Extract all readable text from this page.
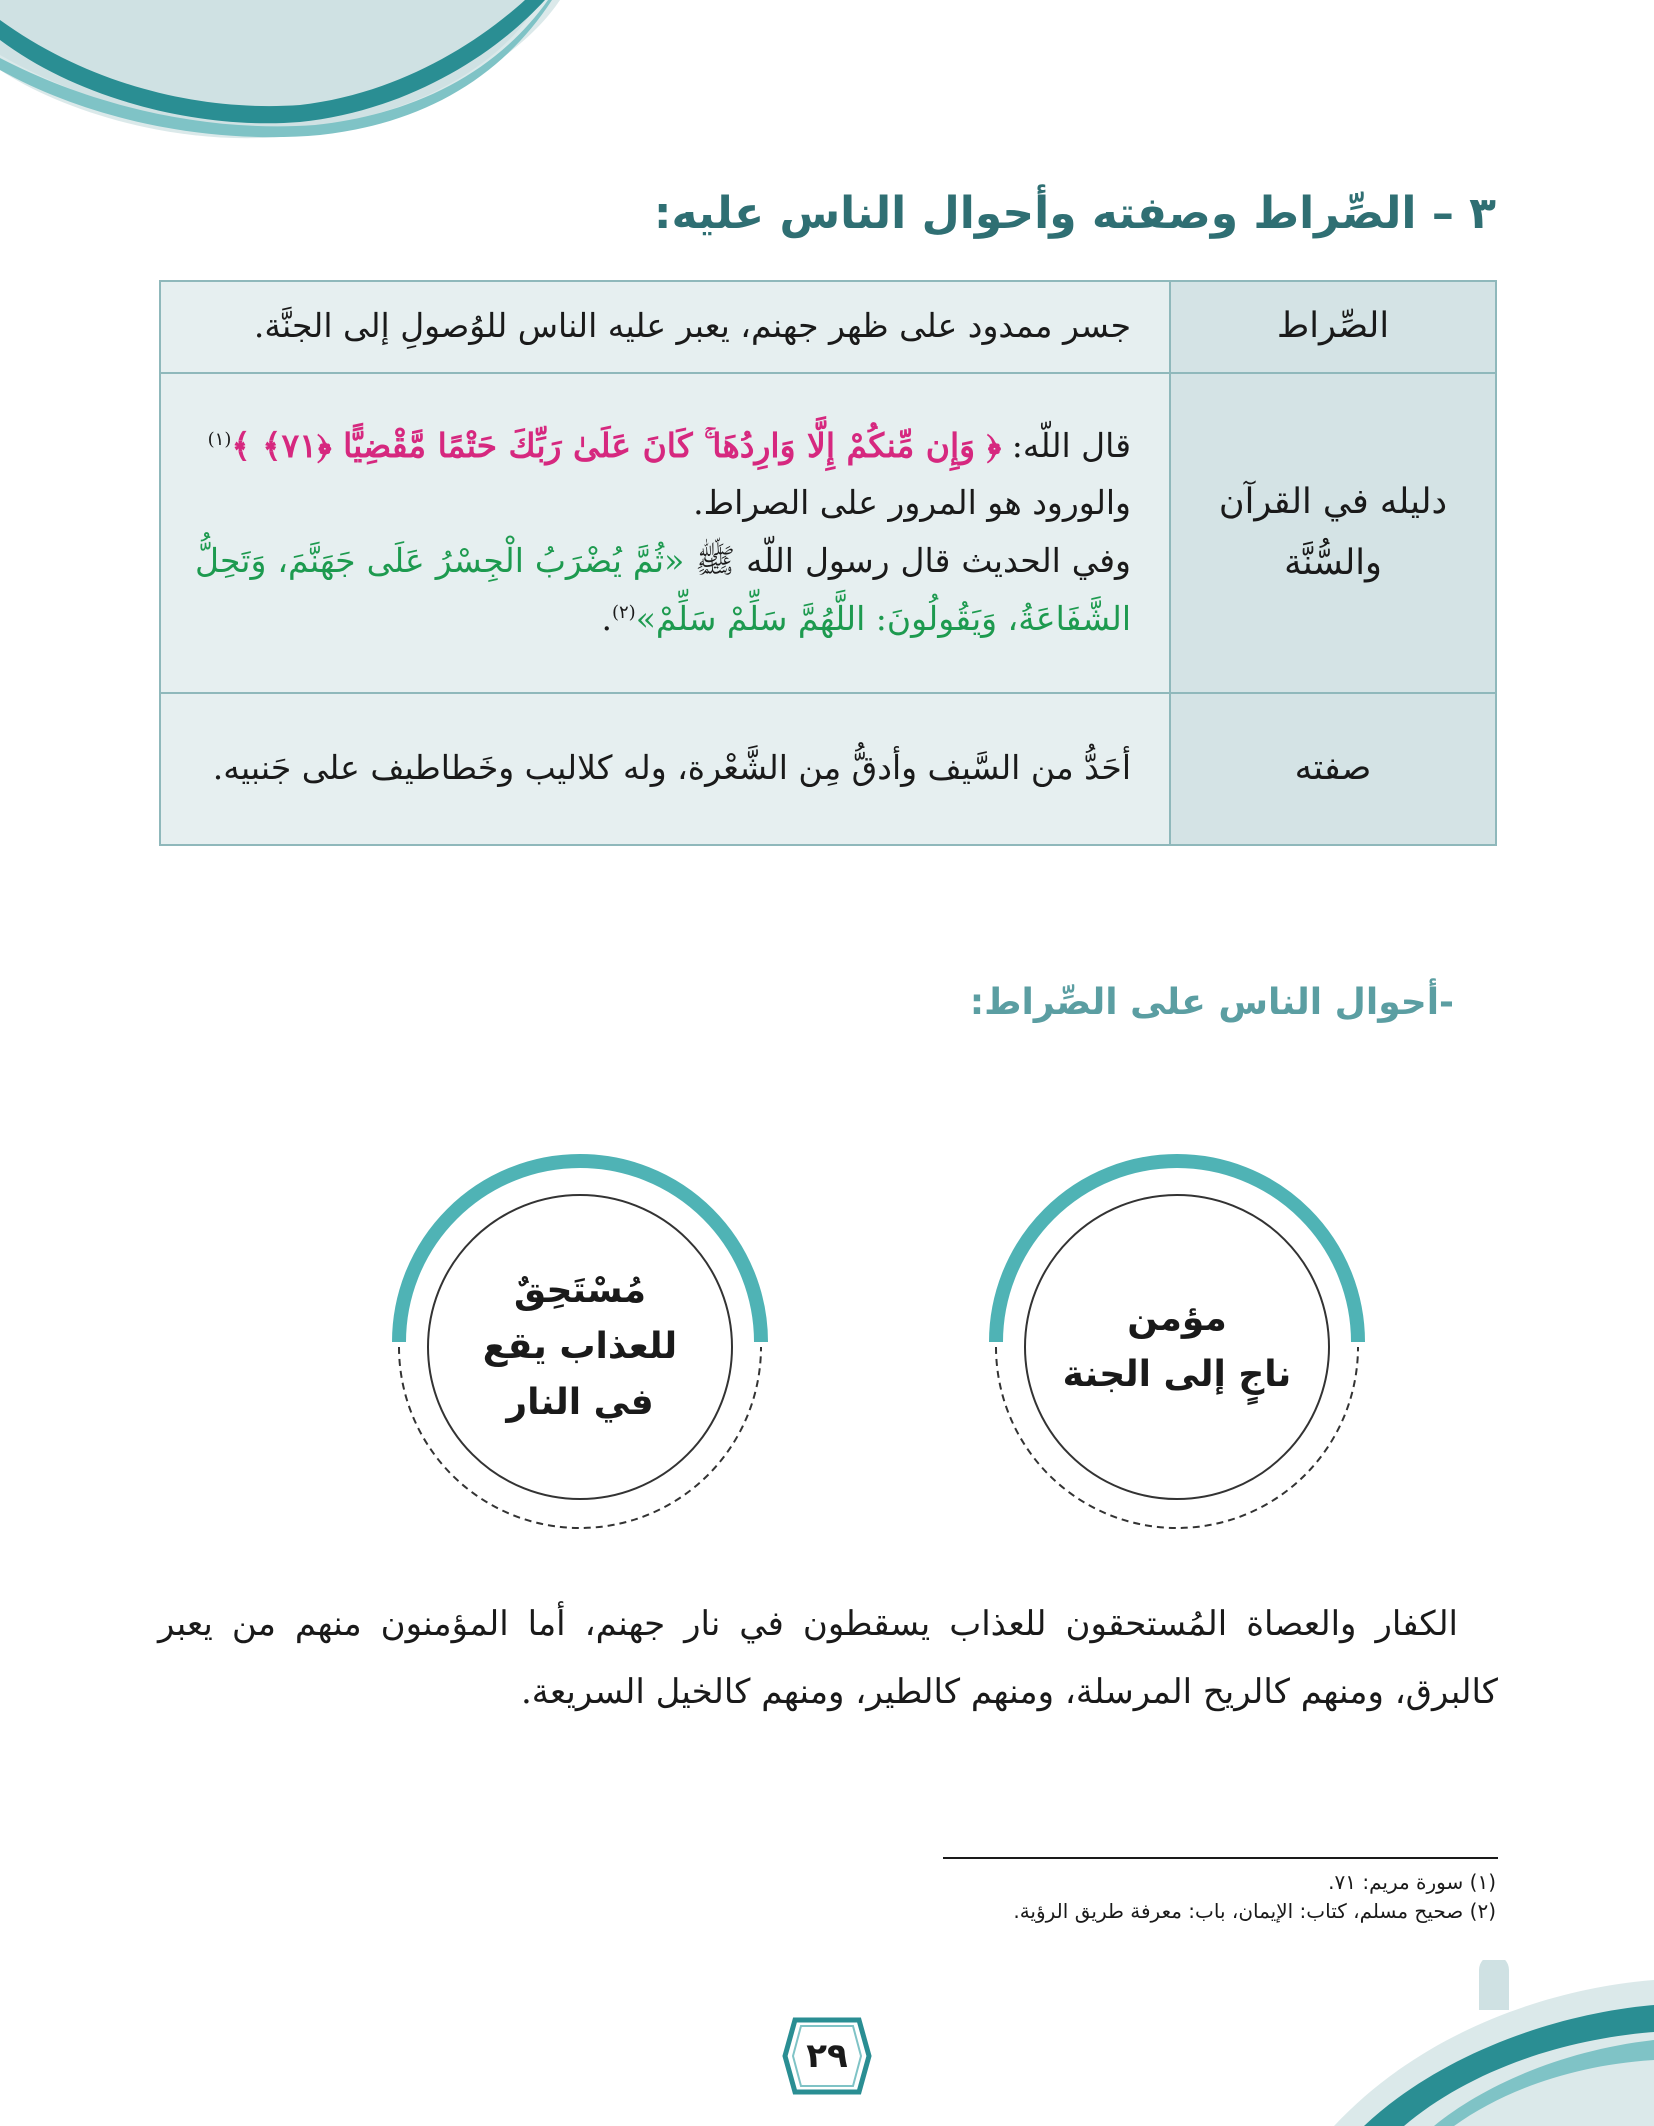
٣ – الصِّراط وصفته وأحوال الناس عليه:
الصِّراط	جسر ممدود على ظهر جهنم، يعبر عليه الناس للوُصولِ إلى الجنَّة.
دليله في القرآن والسُّنَّة	قال اللّه: ﴿ وَإِن مِّنكُمْ إِلَّا وَارِدُهَا ۚ كَانَ عَلَىٰ رَبِّكَ حَتْمًا مَّقْضِيًّا ﴿٧١﴾ ﴾$^{(١)}$
والورود هو المرور على الصراط.
وفي الحديث قال رسول اللّه ﷺ «ثُمَّ يُضْرَبُ الْجِسْرُ عَلَى جَهَنَّمَ، وَتَحِلُّ الشَّفَاعَةُ، وَيَقُولُونَ: اللَّهُمَّ سَلِّمْ سَلِّمْ»$^{(٢)}$.
صفته	أحَدُّ من السَّيف وأدقُّ مِن الشَّعْرة، وله كلاليب وخَطاطيف على جَنبيه.
-أحوال الناس على الصِّراط:
مؤمن
ناجٍ إلى الجنة
مُسْتَحِقٌ
للعذاب يقع
في النار

الكفار والعصاة المُستحقون للعذاب يسقطون في نار جهنم، أما المؤمنون منهم من يعبر كالبرق، ومنهم كالريح المرسلة، ومنهم كالطير، ومنهم كالخيل السريعة.

(١) سورة مريم: ٧١.
(٢) صحيح مسلم، كتاب: الإيمان، باب: معرفة طريق الرؤية.
٢٩
